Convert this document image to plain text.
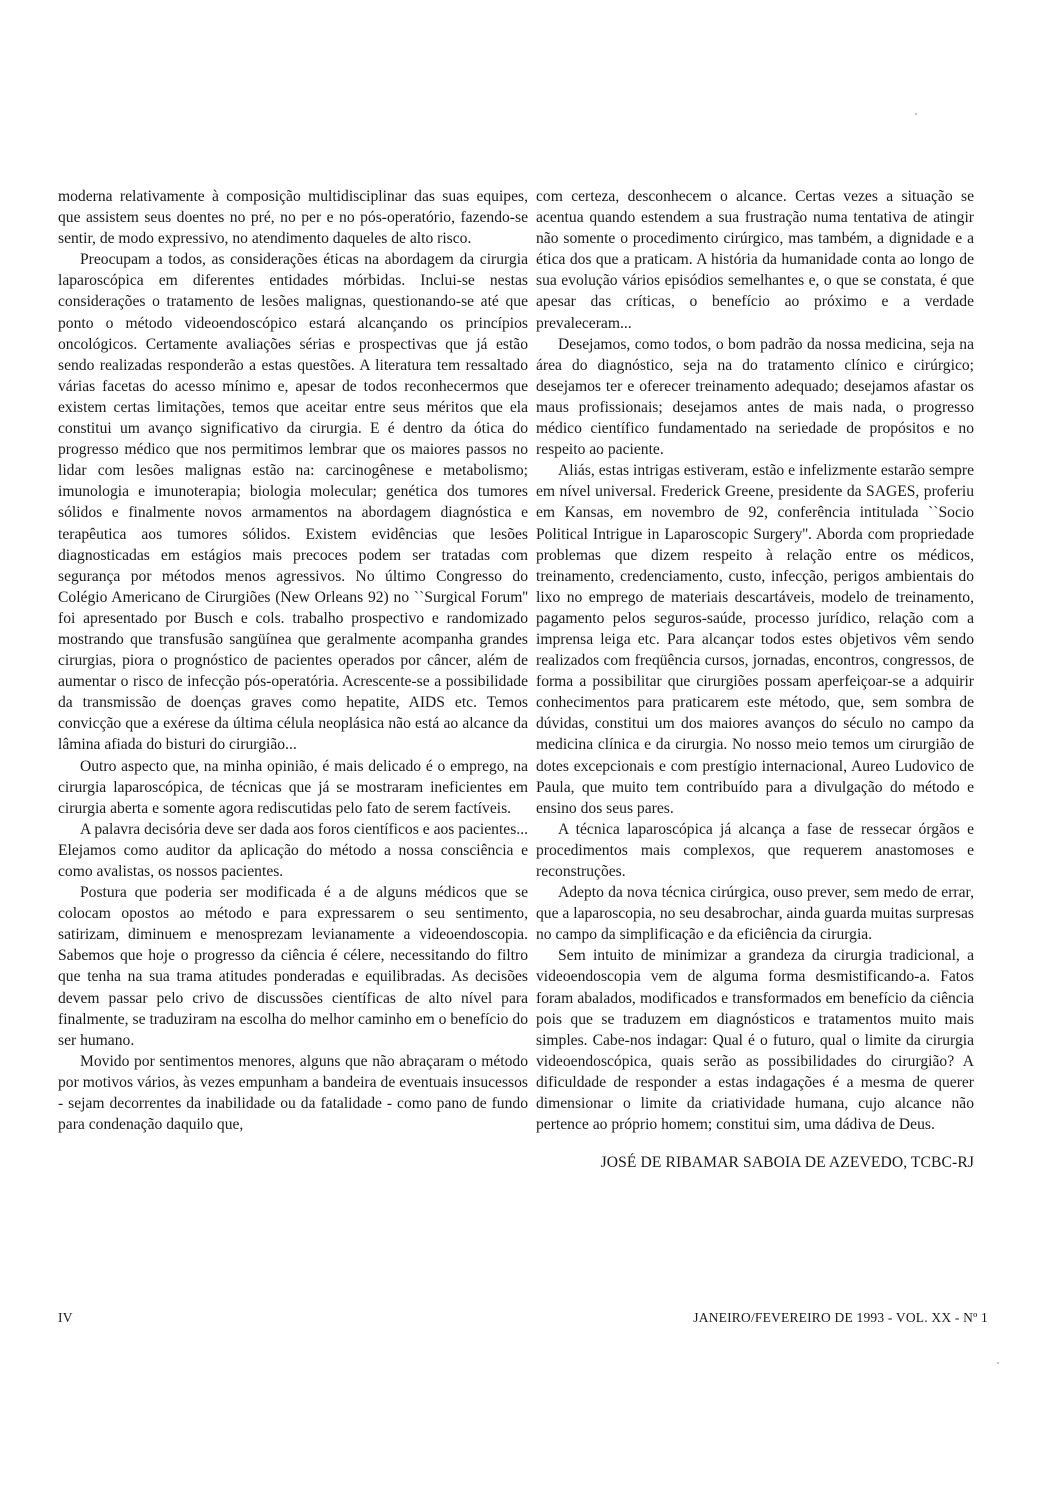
moderna relativamente à composição multidisciplinar das suas equipes, que assistem seus doentes no pré, no per e no pós-operatório, fazendo-se sentir, de modo expressivo, no atendimento daqueles de alto risco.

Preocupam a todos, as considerações éticas na abordagem da cirurgia laparoscópica em diferentes entidades mórbidas. Inclui-se nestas considerações o tratamento de lesões malignas, questionando-se até que ponto o método videoendoscópico estará alcançando os princípios oncológicos. Certamente avaliações sérias e prospectivas que já estão sendo realizadas responderão a estas questões. A literatura tem ressaltado várias facetas do acesso mínimo e, apesar de todos reconhecermos que existem certas limitações, temos que aceitar entre seus méritos que ela constitui um avanço significativo da cirurgia. E é dentro da ótica do progresso médico que nos permitimos lembrar que os maiores passos no lidar com lesões malignas estão na: carcinogênese e metabolismo; imunologia e imunoterapia; biologia molecular; genética dos tumores sólidos e finalmente novos armamentos na abordagem diagnóstica e terapêutica aos tumores sólidos. Existem evidências que lesões diagnosticadas em estágios mais precoces podem ser tratadas com segurança por métodos menos agressivos. No último Congresso do Colégio Americano de Cirurgiões (New Orleans 92) no ``Surgical Forum'' foi apresentado por Busch e cols. trabalho prospectivo e randomizado mostrando que transfusão sangüínea que geralmente acompanha grandes cirurgias, piora o prognóstico de pacientes operados por câncer, além de aumentar o risco de infecção pós-operatória. Acrescente-se a possibilidade da transmissão de doenças graves como hepatite, AIDS etc. Temos convicção que a exérese da última célula neoplásica não está ao alcance da lâmina afiada do bisturi do cirurgião...

Outro aspecto que, na minha opinião, é mais delicado é o emprego, na cirurgia laparoscópica, de técnicas que já se mostraram ineficientes em cirurgia aberta e somente agora rediscutidas pelo fato de serem factíveis.

A palavra decisória deve ser dada aos foros científicos e aos pacientes... Elejamos como auditor da aplicação do método a nossa consciência e como avalistas, os nossos pacientes.

Postura que poderia ser modificada é a de alguns médicos que se colocam opostos ao método e para expressarem o seu sentimento, satirizam, diminuem e menosprezam levianamente a videoendoscopia. Sabemos que hoje o progresso da ciência é célere, necessitando do filtro que tenha na sua trama atitudes ponderadas e equilibradas. As decisões devem passar pelo crivo de discussões científicas de alto nível para finalmente, se traduziram na escolha do melhor caminho em o benefício do ser humano.

Movido por sentimentos menores, alguns que não abraçaram o método por motivos vários, às vezes empunham a bandeira de eventuais insucessos - sejam decorrentes da inabilidade ou da fatalidade - como pano de fundo para condenação daquilo que,

com certeza, desconhecem o alcance. Certas vezes a situação se acentua quando estendem a sua frustração numa tentativa de atingir não somente o procedimento cirúrgico, mas também, a dignidade e a ética dos que a praticam. A história da humanidade conta ao longo de sua evolução vários episódios semelhantes e, o que se constata, é que apesar das críticas, o benefício ao próximo e a verdade prevaleceram...

Desejamos, como todos, o bom padrão da nossa medicina, seja na área do diagnóstico, seja na do tratamento clínico e cirúrgico; desejamos ter e oferecer treinamento adequado; desejamos afastar os maus profissionais; desejamos antes de mais nada, o progresso médico científico fundamentado na seriedade de propósitos e no respeito ao paciente.

Aliás, estas intrigas estiveram, estão e infelizmente estarão sempre em nível universal. Frederick Greene, presidente da SAGES, proferiu em Kansas, em novembro de 92, conferência intitulada ``Socio Political Intrigue in Laparoscopic Surgery''. Aborda com propriedade problemas que dizem respeito à relação entre os médicos, treinamento, credenciamento, custo, infecção, perigos ambientais do lixo no emprego de materiais descartáveis, modelo de treinamento, pagamento pelos seguros-saúde, processo jurídico, relação com a imprensa leiga etc. Para alcançar todos estes objetivos vêm sendo realizados com freqüência cursos, jornadas, encontros, congressos, de forma a possibilitar que cirurgiões possam aperfeiçoar-se a adquirir conhecimentos para praticarem este método, que, sem sombra de dúvidas, constitui um dos maiores avanços do século no campo da medicina clínica e da cirurgia. No nosso meio temos um cirurgião de dotes excepcionais e com prestígio internacional, Aureo Ludovico de Paula, que muito tem contribuído para a divulgação do método e ensino dos seus pares.

A técnica laparoscópica já alcança a fase de ressecar órgãos e procedimentos mais complexos, que requerem anastomoses e reconstruções.

Adepto da nova técnica cirúrgica, ouso prever, sem medo de errar, que a laparoscopia, no seu desabrochar, ainda guarda muitas surpresas no campo da simplificação e da eficiência da cirurgia.

Sem intuito de minimizar a grandeza da cirurgia tradicional, a videoendoscopia vem de alguma forma desmistificando-a. Fatos foram abalados, modificados e transformados em benefício da ciência pois que se traduzem em diagnósticos e tratamentos muito mais simples. Cabe-nos indagar: Qual é o futuro, qual o limite da cirurgia videoendoscópica, quais serão as possibilidades do cirurgião? A dificuldade de responder a estas indagações é a mesma de querer dimensionar o limite da criatividade humana, cujo alcance não pertence ao próprio homem; constitui sim, uma dádiva de Deus.

JOSÉ DE RIBAMAR SABOIA DE AZEVEDO, TCBC-RJ
IV	JANEIRO/FEVEREIRO DE 1993 - VOL. XX - Nº 1
